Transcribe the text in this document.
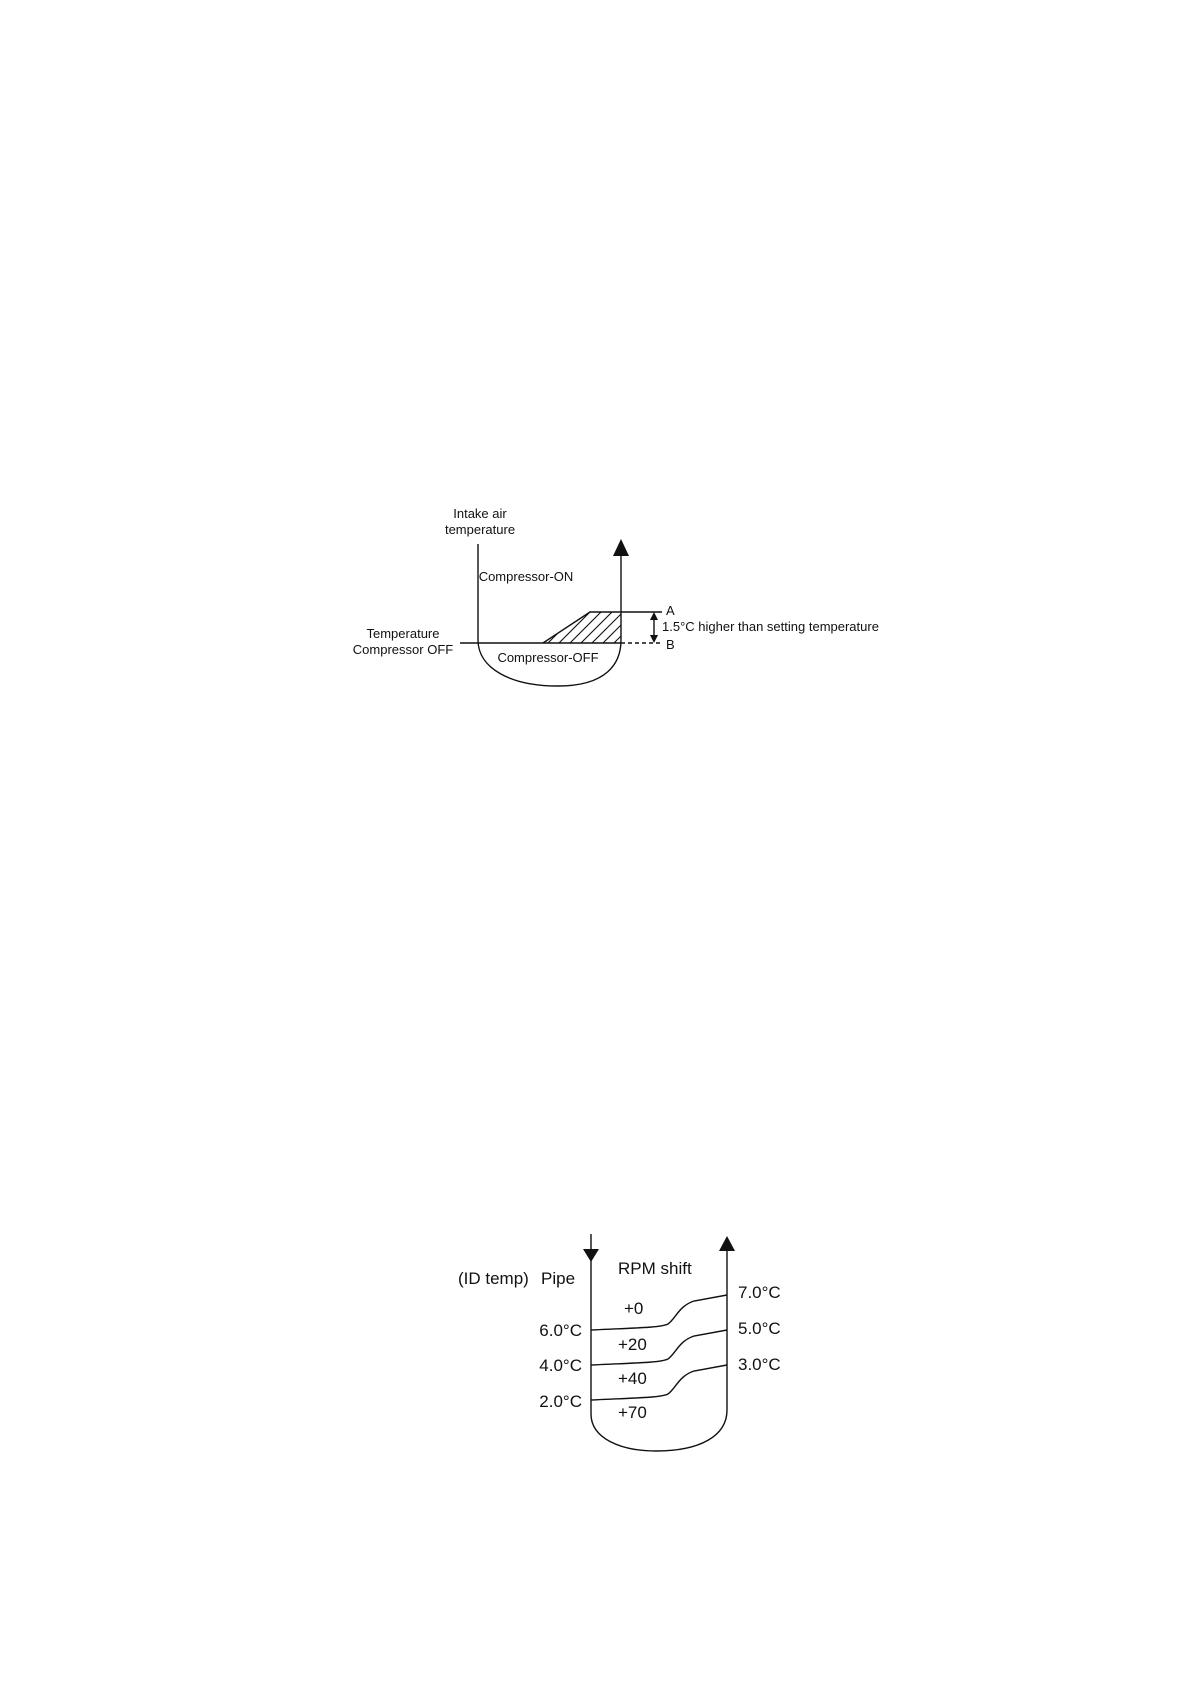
Intake air
temperature
Compressor-ON
Compressor-OFF
Temperature
Compressor OFF
A
B
1.5°C higher than setting temperature
(ID temp) Pipe
RPM shift
6.0°C
4.0°C
2.0°C
7.0°C
5.0°C
3.0°C
+0
+20
+40
+70
